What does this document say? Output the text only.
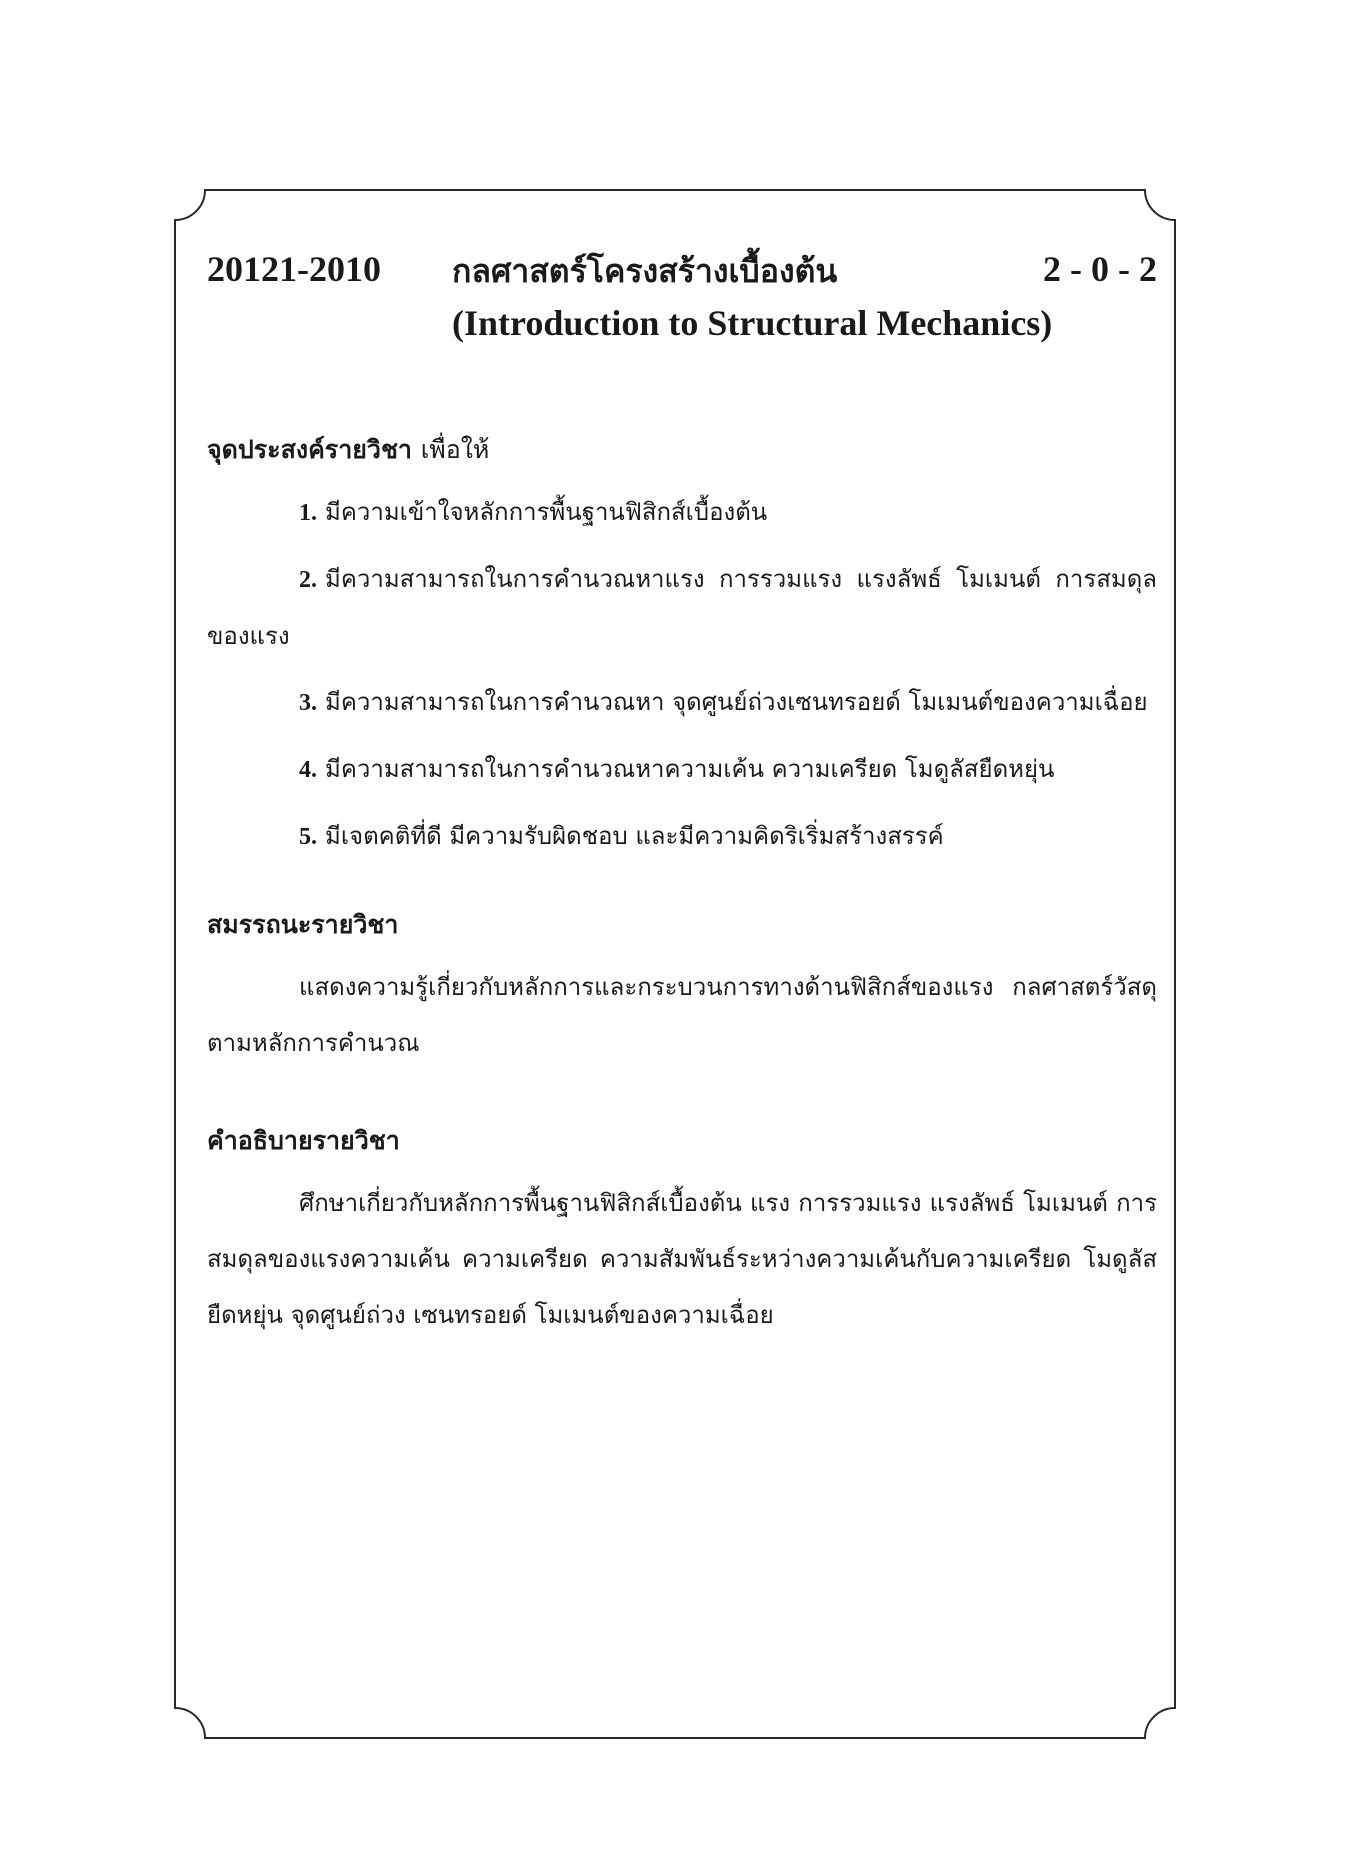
20121-2010 กลศาสตร์โครงสร้างเบื้องต้น	2 - 0 - 2
(Introduction to Structural Mechanics)

จุดประสงค์รายวิชา เพื่อให้

1. มีความเข้าใจหลักการพื้นฐานฟิสิกส์เบื้องต้น

2. มีความสามารถในการคำนวณหาแรง การรวมแรง แรงลัพธ์ โมเมนต์ การสมดุลของแรง

3. มีความสามารถในการคำนวณหา จุดศูนย์ถ่วงเซนทรอยด์ โมเมนต์ของความเฉื่อย

4. มีความสามารถในการคำนวณหาความเค้น ความเครียด โมดูลัสยืดหยุ่น

5. มีเจตคติที่ดี มีความรับผิดชอบ และมีความคิดริเริ่มสร้างสรรค์

สมรรถนะรายวิชา

แสดงความรู้เกี่ยวกับหลักการและกระบวนการทางด้านฟิสิกส์ของแรง กลศาสตร์วัสดุ ตามหลักการคำนวณ

คำอธิบายรายวิชา

ศึกษาเกี่ยวกับหลักการพื้นฐานฟิสิกส์เบื้องต้น แรง การรวมแรง แรงลัพธ์ โมเมนต์ การสมดุลของแรงความเค้น ความเครียด ความสัมพันธ์ระหว่างความเค้นกับความเครียด โมดูลัสยืดหยุ่น จุดศูนย์ถ่วง เซนทรอยด์ โมเมนต์ของความเฉื่อย
